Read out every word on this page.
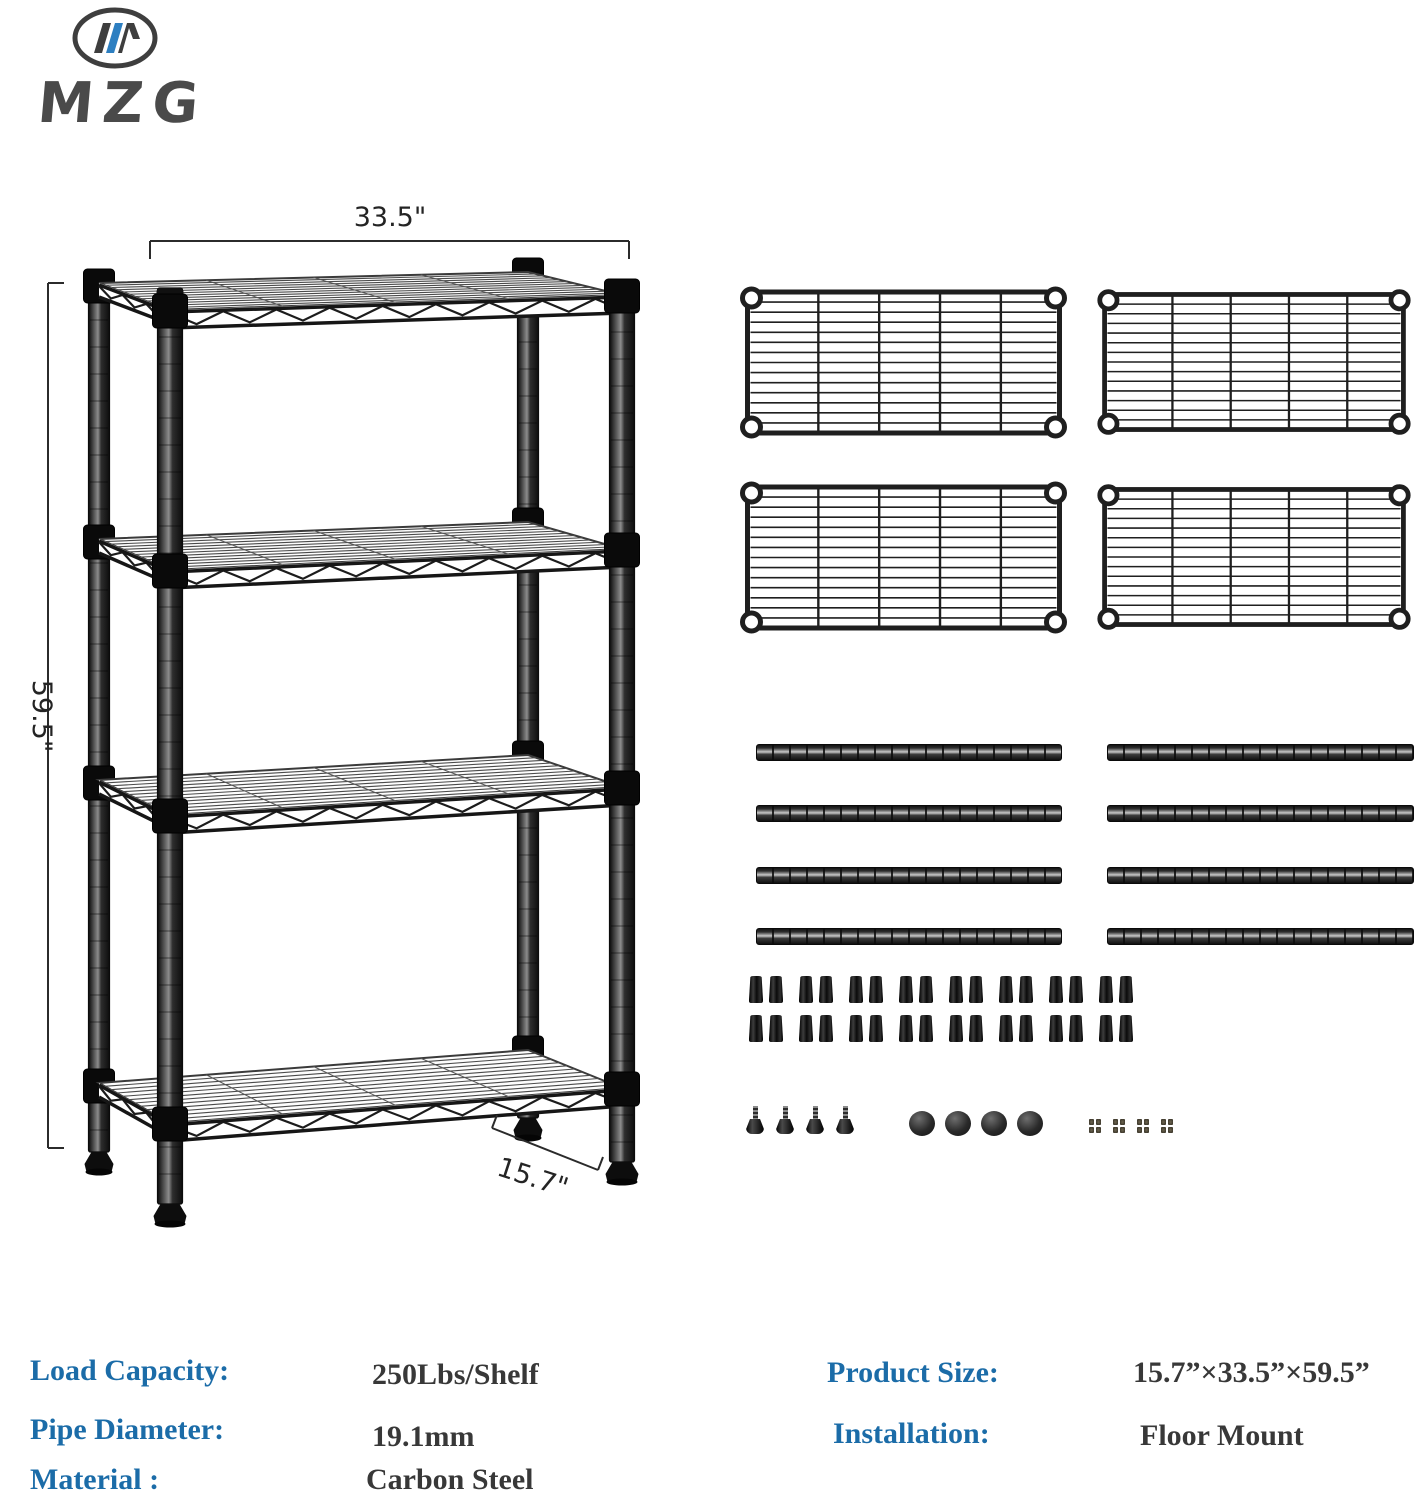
MZG
33.5"
59.5"
15.7"
Load Capacity:	250Lbs/Shelf
Pipe Diameter:	19.1mm
Material :	Carbon Steel
Product Size:	15.7”×33.5”×59.5”
Installation:	Floor Mount
